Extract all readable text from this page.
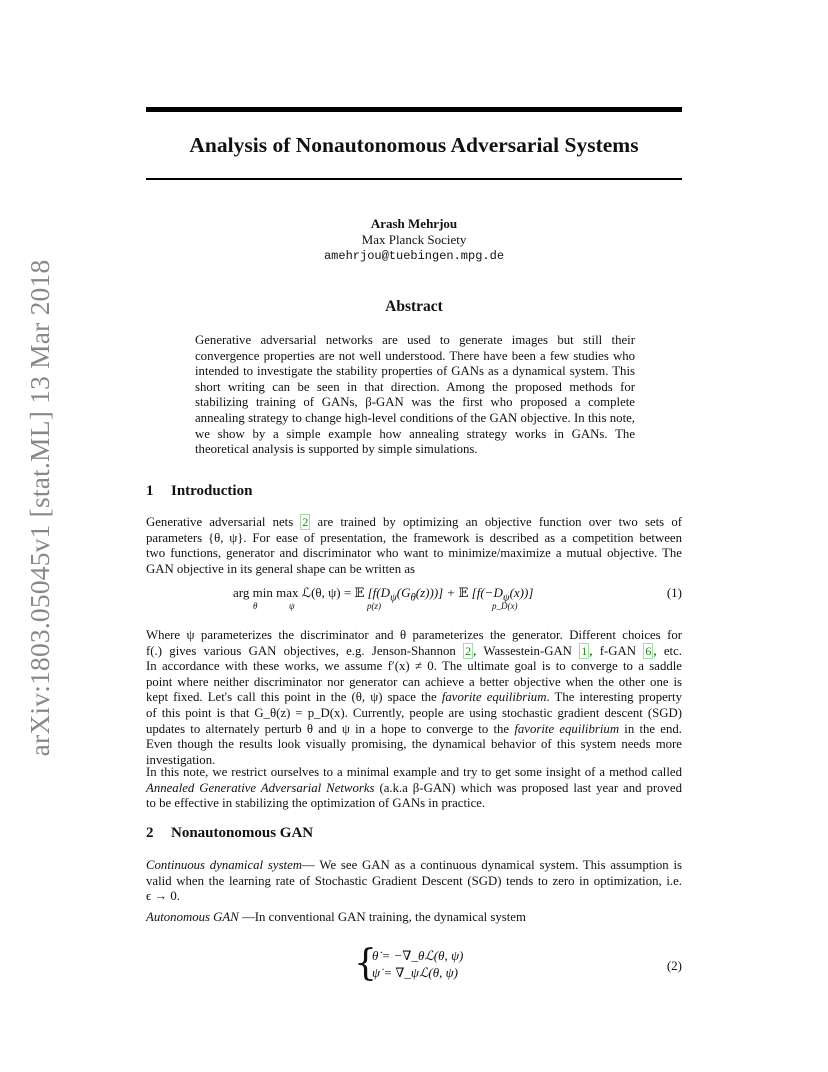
arXiv:1803.05045v1 [stat.ML] 13 Mar 2018
Analysis of Nonautonomous Adversarial Systems
Arash Mehrjou
Max Planck Society
amehrjou@tuebingen.mpg.de
Abstract
Generative adversarial networks are used to generate images but still their convergence properties are not well understood. There have been a few studies who intended to investigate the stability properties of GANs as a dynamical system. This short writing can be seen in that direction. Among the proposed methods for stabilizing training of GANs, β-GAN was the first who proposed a complete annealing strategy to change high-level conditions of the GAN objective. In this note, we show by a simple example how annealing strategy works in GANs. The theoretical analysis is supported by simple simulations.
1 Introduction
Generative adversarial nets 2 are trained by optimizing an objective function over two sets of
parameters {θ, ψ}. For ease of presentation, the framework is described as a competition between
two functions, generator and discriminator who want to minimize/maximize a mutual objective. The
GAN objective in its general shape can be written as
arg min max ℒ(θ, ψ) = 𝔼 $[f(D_\psi(G_\theta(z)))]$ + 𝔼 $[f(-D_\psi(x))]$
θ	ψ	p(z)	p_D(x)
(1)
Where ψ parameterizes the discriminator and θ parameterizes the generator. Different choices for
f(.) gives various GAN objectives, e.g. Jenson-Shannon 2 , Wassestein-GAN 1 , f-GAN 6 , etc.
In accordance with these works, we assume f′(x) ≠ 0. The ultimate goal is to converge to a saddle
point where neither discriminator nor generator can achieve a better objective when the other one is
kept fixed. Let's call this point in the (θ, ψ) space the favorite equilibrium. The interesting property
of this point is that G_θ(z) = p_D(x). Currently, people are using stochastic gradient descent (SGD)
updates to alternately perturb θ and ψ in a hope to converge to the favorite equilibrium in the end.
Even though the results look visually promising, the dynamical behavior of this system needs more
investigation.
In this note, we restrict ourselves to a minimal example and try to get some insight of a method called
Annealed Generative Adversarial Networks (a.k.a β-GAN) which was proposed last year and proved
to be effective in stabilizing the optimization of GANs in practice.
2 Nonautonomous GAN
Continuous dynamical system— We see GAN as a continuous dynamical system. This assumption is
valid when the learning rate of Stochastic Gradient Descent (SGD) tends to zero in optimization, i.e.
ϵ → 0.
Autonomous GAN —In conventional GAN training, the dynamical system
{
θ̇ = −∇_θℒ(θ, ψ)
ψ̇ = ∇_ψℒ(θ, ψ)	(2)
